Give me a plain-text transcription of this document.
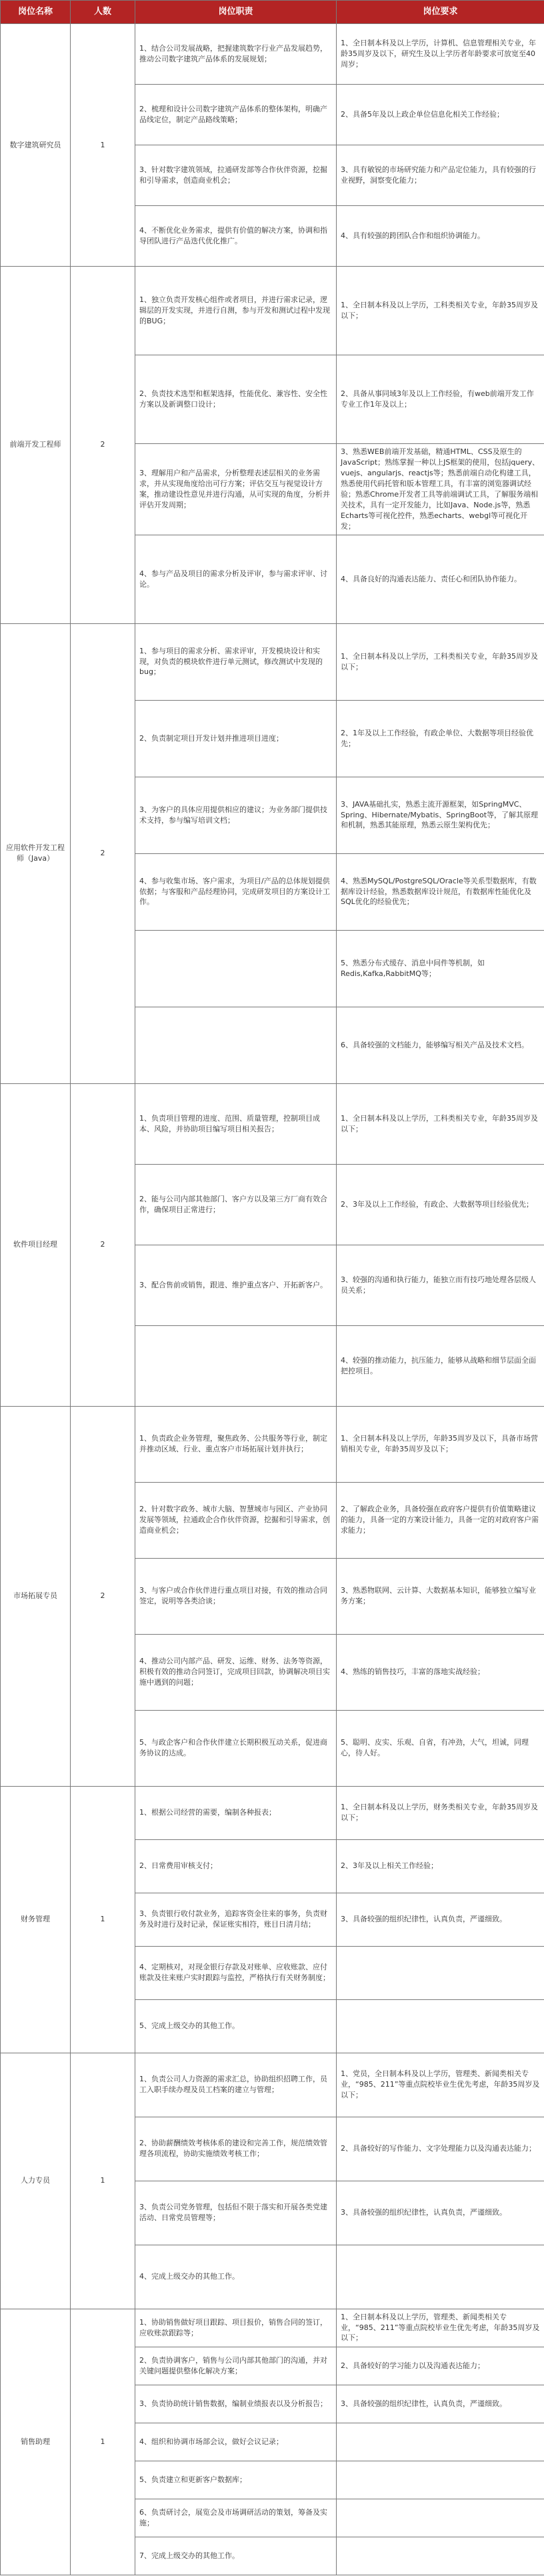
岗位名称	人数	岗位职责	岗位要求
数字建筑研究员	1	1、结合公司发展战略，把握建筑数字行业产品发展趋势，推动公司数字建筑产品体系的发展规划；	1、全日制本科及以上学历，计算机、信息管理相关专业，年龄35周岁及以下，研究生及以上学历者年龄要求可放宽至40周岁；
		2、梳理和设计公司数字建筑产品体系的整体架构，明确产品线定位，制定产品路线策略；	2、具备5年及以上政企单位信息化相关工作经验；
		3、针对数字建筑领域，拉通研发部等合作伙伴资源，挖掘和引导需求，创造商业机会；	3、具有敏锐的市场研究能力和产品定位能力，具有较强的行业视野，洞察变化能力；
		4、不断优化业务需求，提供有价值的解决方案，协调和指导团队进行产品迭代优化推广。	4、具有较强的跨团队合作和组织协调能力。
前端开发工程师	2	1、独立负责开发核心组件或者项目，并进行需求记录，逻辑层的开发实现，并进行自测，参与开发和测试过程中发现的BUG；	1、全日制本科及以上学历，工科类相关专业，年龄35周岁及以下；
		2、负责技术选型和框架选择，性能优化、兼容性、安全性方案以及新调整口设计；	2、具备从事同域3年及以上工作经验，有web前端开发工作专业工作1年及以上；
		3、理解用户和产品需求，分析整理表述层相关的业务需求，并从实现角度给出可行方案；评估交互与视觉设计方案，推动建设性意见并进行沟通，从可实现的角度，分析并评估开发周期；	3、熟悉WEB前端开发基础，精通HTML、CSS及原生的JavaScript；熟练掌握一种以上JS框架的使用，包括jquery、vuejs、angularjs、reactjs等；熟悉前端自动化构建工具，熟悉使用代码托管和版本管理工具，有丰富的浏览器调试经验；熟悉Chrome开发者工具等前端调试工具，了解服务端相关技术，具有一定开发能力，比如Java、Node.js等，熟悉Echarts等可视化控件，熟悉echarts、webgl等可视化开发；
		4、参与产品及项目的需求分析及评审，参与需求评审、讨论。	4、具备良好的沟通表达能力、责任心和团队协作能力。
应用软件开发工程师（Java）	2	1、参与项目的需求分析、需求评审，开发模块设计和实现，对负责的模块软件进行单元测试，修改测试中发现的bug；	1、全日制本科及以上学历，工科类相关专业，年龄35周岁及以下；
		2、负责制定项目开发计划并推进项目进度；	2、1年及以上工作经验，有政企单位、大数据等项目经验优先；
		3、为客户的具体应用提供相应的建议；为业务部门提供技术支持，参与编写培训文档；	3、JAVA基础扎实，熟悉主流开源框架，如SpringMVC、Spring、Hibernate/Mybatis、SpringBoot等，了解其原理和机制，熟悉其能原理，熟悉云原生架构优先；
		4、参与收集市场、客户需求，为项目/产品的总体规划提供依据；与客服和产品经理协同，完成研发项目的方案设计工作。	4、熟悉MySQL/PostgreSQL/Oracle等关系型数据库，有数据库设计经验，熟悉数据库设计规范，有数据库性能优化及SQL优化的经验优先；
			5、熟悉分布式缓存、消息中间件等机制，如Redis,Kafka,RabbitMQ等；
			6、具备较强的文档能力，能够编写相关产品及技术文档。
软件项目经理	2	1、负责项目管理的进度、范围、质量管理，控制项目成本、风险，并协助项目编写项目相关报告；	1、全日制本科及以上学历，工科类相关专业，年龄35周岁及以下；
		2、能与公司内部其他部门、客户方以及第三方厂商有效合作，确保项目正常进行；	2、3年及以上工作经验，有政企、大数据等项目经验优先；
		3、配合售前或销售，跟进、维护重点客户、开拓新客户。	3、较强的沟通和执行能力，能独立而有技巧地处理各层级人员关系；
			4、较强的推动能力，抗压能力，能够从战略和细节层面全面把控项目。
市场拓展专员	2	1、负责政企业务管理，聚焦政务、公共服务等行业，制定并推动区域、行业、重点客户市场拓展计划并执行；	1、全日制本科及以上学历，年龄35周岁及以下，具备市场营销相关专业，年龄35周岁及以下；
		2、针对数字政务、城市大脑、智慧城市与园区、产业协同发展等领域，拉通政企合作伙伴资源，挖掘和引导需求，创造商业机会；	2、了解政企业务，具备较强在政府客户提供有价值策略建议的能力，具备一定的方案设计能力，具备一定的对政府客户需求能力；
		3、与客户或合作伙伴进行重点项目对接，有效的推动合同签定，说明等各类洽谈；	3、熟悉物联网、云计算、大数据基本知识，能够独立编写业务方案；
		4、推动公司内部产品、研发、运维、财务、法务等资源，积极有效的推动合同签订，完成项目回款，协调解决项目实施中遇到的问题；	4、熟练的销售技巧，丰富的落地实战经验；
		5、与政企客户和合作伙伴建立长期积极互动关系，促进商务协议的达成。	5、聪明、皮实、乐观、自省，有冲劲，大气，坦诚，同理心，待人好。
财务管理	1	1、根据公司经营的需要，编制各种报表；	1、全日制本科及以上学历，财务类相关专业，年龄35周岁及以下；
		2、日常费用审核支付；	2、3年及以上相关工作经验；
		3、负责银行收付款业务，追踪客资金往来的事务，负责财务及时进行及时记录，保证账实相符，账目日清月结；	3、具备较强的组织纪律性，认真负责，严谨细致。
		4、定期核对，对现金银行存款及对账单、应收账款、应付账款及往来账户实时跟踪与监控，严格执行有关财务制度；	
		5、完成上级交办的其他工作。	
人力专员	1	1、负责公司人力资源的需求汇总，协助组织招聘工作，员工入职手续办理及员工档案的建立与管理；	1、党员，全日制本科及以上学历，管理类、新闻类相关专业，“985、211”等重点院校毕业生优先考虑，年龄35周岁及以下；
		2、协助薪酬绩效考核体系的建设和完善工作，规范绩效管理各项流程，协助实施绩效考核工作；	2、具备较好的写作能力、文字处理能力以及沟通表达能力；
		3、负责公司党务管理，包括但不限于落实和开展各类党建活动、日常党员管理等；	3、具备较强的组织纪律性，认真负责，严谨细致。
		4、完成上级交办的其他工作。	
销售助理	1	1、协助销售做好项目跟踪、项目报价，销售合同的签订，应收账款跟踪等；	1、全日制本科及以上学历，管理类、新闻类相关专业，“985、211”等重点院校毕业生优先考虑，年龄35周岁及以下；
		2、负责协调客户，销售与公司内部其他部门的沟通，并对关键问题提供整体化解决方案；	2、具备较好的学习能力以及沟通表达能力；
		3、负责协助统计销售数据，编制业绩报表以及分析报告；	3、具备较强的组织纪律性，认真负责，严谨细致。
		4、组织和协调市场部会议，做好会议记录；	
		5、负责建立和更新客户数据库；	
		6、负责研讨会，展览会及市场调研活动的策划，筹备及实施；	
		7、完成上级交办的其他工作。	
